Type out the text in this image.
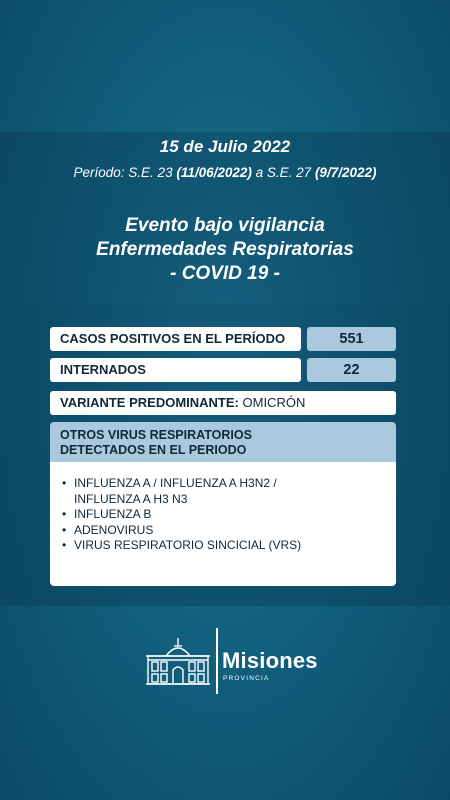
15 de Julio 2022
Período: S.E. 23 (11/06/2022) a S.E. 27 (9/7/2022)
Evento bajo vigilancia
Enfermedades Respiratorias
- COVID 19 -
CASOS POSITIVOS EN EL PERÍODO	551
INTERNADOS	22
VARIANTE PREDOMINANTE: OMICRÓN
OTROS VIRUS RESPIRATORIOS
DETECTADOS EN EL PERIODO
• INFLUENZA A / INFLUENZA A H3N2 /
INFLUENZA A H3 N3
• INFLUENZA B
• ADENOVIRUS
• VIRUS RESPIRATORIO SINCICIAL (VRS)
Misiones
PROVINCIA
